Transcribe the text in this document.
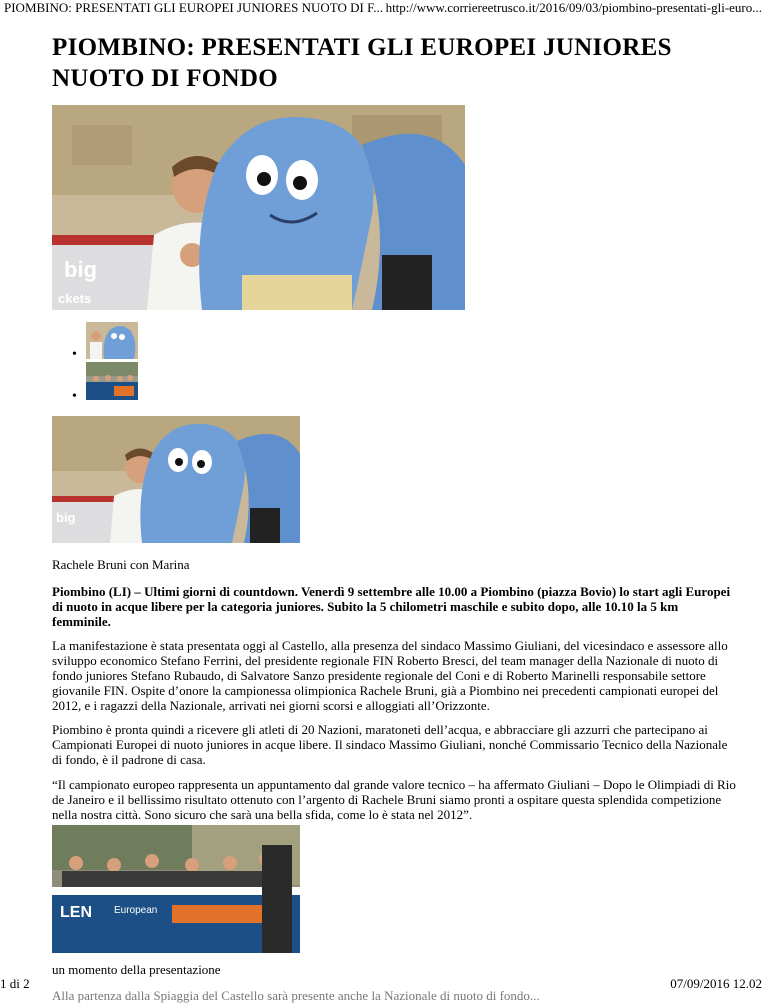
PIOMBINO: PRESENTATI GLI EUROPEI JUNIORES NUOTO DI F... http://www.corriereetrusco.it/2016/09/03/piombino-presentati-gli-euro...
PIOMBINO: PRESENTATI GLI EUROPEI JUNIORES NUOTO DI FONDO
big
ckets
•
•
big

Rachele Bruni con Marina

Piombino (LI) – Ultimi giorni di countdown. Venerdì 9 settembre alle 10.00 a Piombino (piazza Bovio) lo start agli Europei di nuoto in acque libere per la categoria juniores. Subito la 5 chilometri maschile e subito dopo, alle 10.10 la 5 km femminile.

La manifestazione è stata presentata oggi al Castello, alla presenza del sindaco Massimo Giuliani, del vicesindaco e assessore allo sviluppo economico Stefano Ferrini, del presidente regionale FIN Roberto Bresci, del team manager della Nazionale di nuoto di fondo juniores Stefano Rubaudo, di Salvatore Sanzo presidente regionale del Coni e di Roberto Marinelli responsabile settore giovanile FIN. Ospite d’onore la campionessa olimpionica Rachele Bruni, già a Piombino nei precedenti campionati europei del 2012, e i ragazzi della Nazionale, arrivati nei giorni scorsi e alloggiati all’Orizzonte.

Piombino è pronta quindi a ricevere gli atleti di 20 Nazioni, maratoneti dell’acqua, e abbracciare gli azzurri che partecipano ai Campionati Europei di nuoto juniores in acque libere. Il sindaco Massimo Giuliani, nonché Commissario Tecnico della Nazionale di fondo, è il padrone di casa.

“Il campionato europeo rappresenta un appuntamento dal grande valore tecnico – ha affermato Giuliani – Dopo le Olimpiadi di Rio de Janeiro e il bellissimo risultato ottenuto con l’argento di Rachele Bruni siamo pronti a ospitare questa splendida competizione nella nostra città. Sono sicuro che sarà una bella sfida, come lo è stata nel 2012”.

LEN European

un momento della presentazione

1 di 2	07/09/2016 12.02
Alla partenza dalla Spiaggia del Castello sarà presente anche la Nazionale di nuoto di fondo...
